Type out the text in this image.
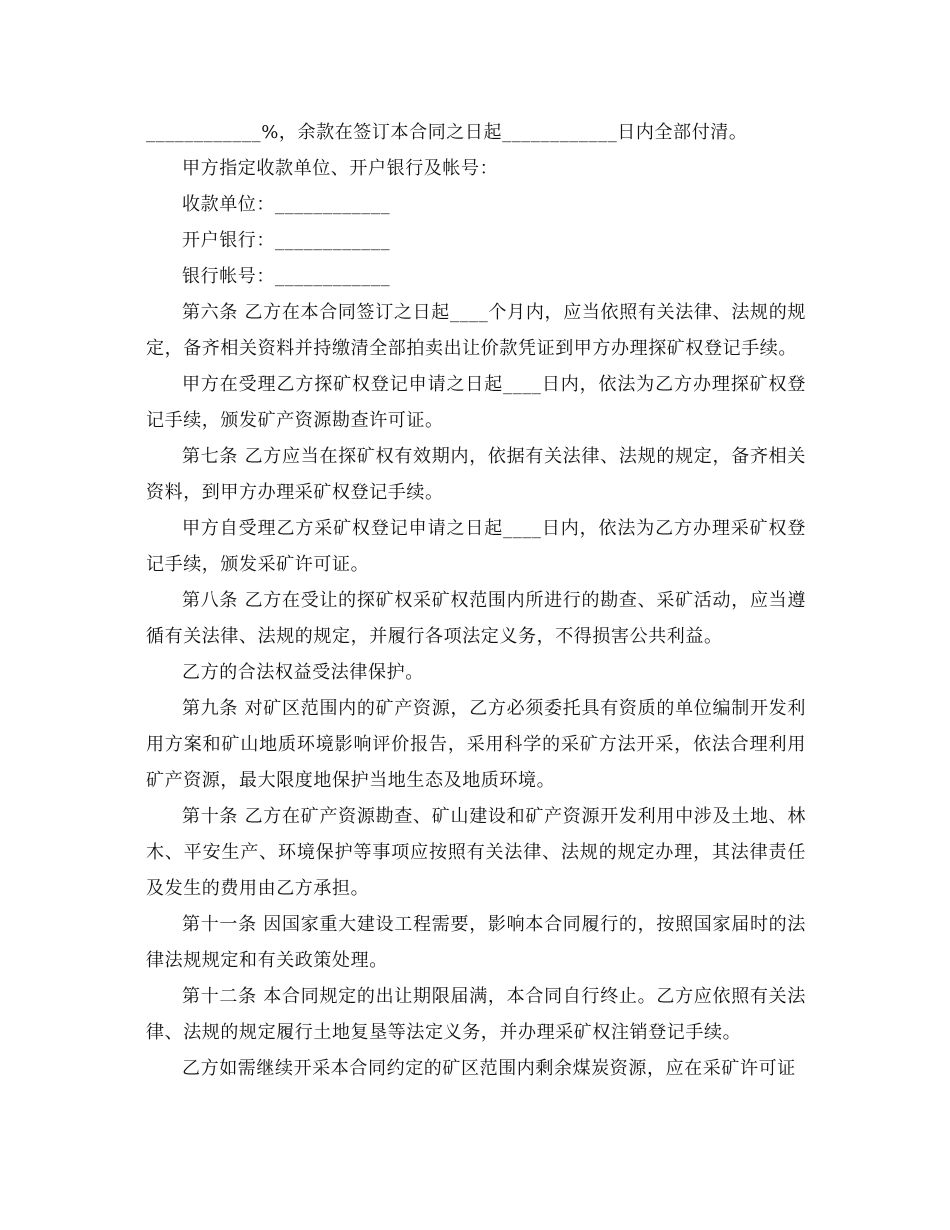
____________%，余款在签订本合同之日起____________日内全部付清。

甲方指定收款单位、开户银行及帐号：

收款单位：____________

开户银行：____________

银行帐号：____________

第六条 乙方在本合同签订之日起____个月内，应当依照有关法律、法规的规定，备齐相关资料并持缴清全部拍卖出让价款凭证到甲方办理探矿权登记手续。

甲方在受理乙方探矿权登记申请之日起____日内，依法为乙方办理探矿权登记手续，颁发矿产资源勘查许可证。

第七条 乙方应当在探矿权有效期内，依据有关法律、法规的规定，备齐相关资料，到甲方办理采矿权登记手续。

甲方自受理乙方采矿权登记申请之日起____日内，依法为乙方办理采矿权登记手续，颁发采矿许可证。

第八条 乙方在受让的探矿权采矿权范围内所进行的勘查、采矿活动，应当遵循有关法律、法规的规定，并履行各项法定义务，不得损害公共利益。

乙方的合法权益受法律保护。

第九条 对矿区范围内的矿产资源，乙方必须委托具有资质的单位编制开发利用方案和矿山地质环境影响评价报告，采用科学的采矿方法开采，依法合理利用矿产资源，最大限度地保护当地生态及地质环境。

第十条 乙方在矿产资源勘查、矿山建设和矿产资源开发利用中涉及土地、林木、平安生产、环境保护等事项应按照有关法律、法规的规定办理，其法律责任及发生的费用由乙方承担。

第十一条 因国家重大建设工程需要，影响本合同履行的，按照国家届时的法律法规规定和有关政策处理。

第十二条 本合同规定的出让期限届满，本合同自行终止。乙方应依照有关法律、法规的规定履行土地复垦等法定义务，并办理采矿权注销登记手续。

乙方如需继续开采本合同约定的矿区范围内剩余煤炭资源，应在采矿许可证
